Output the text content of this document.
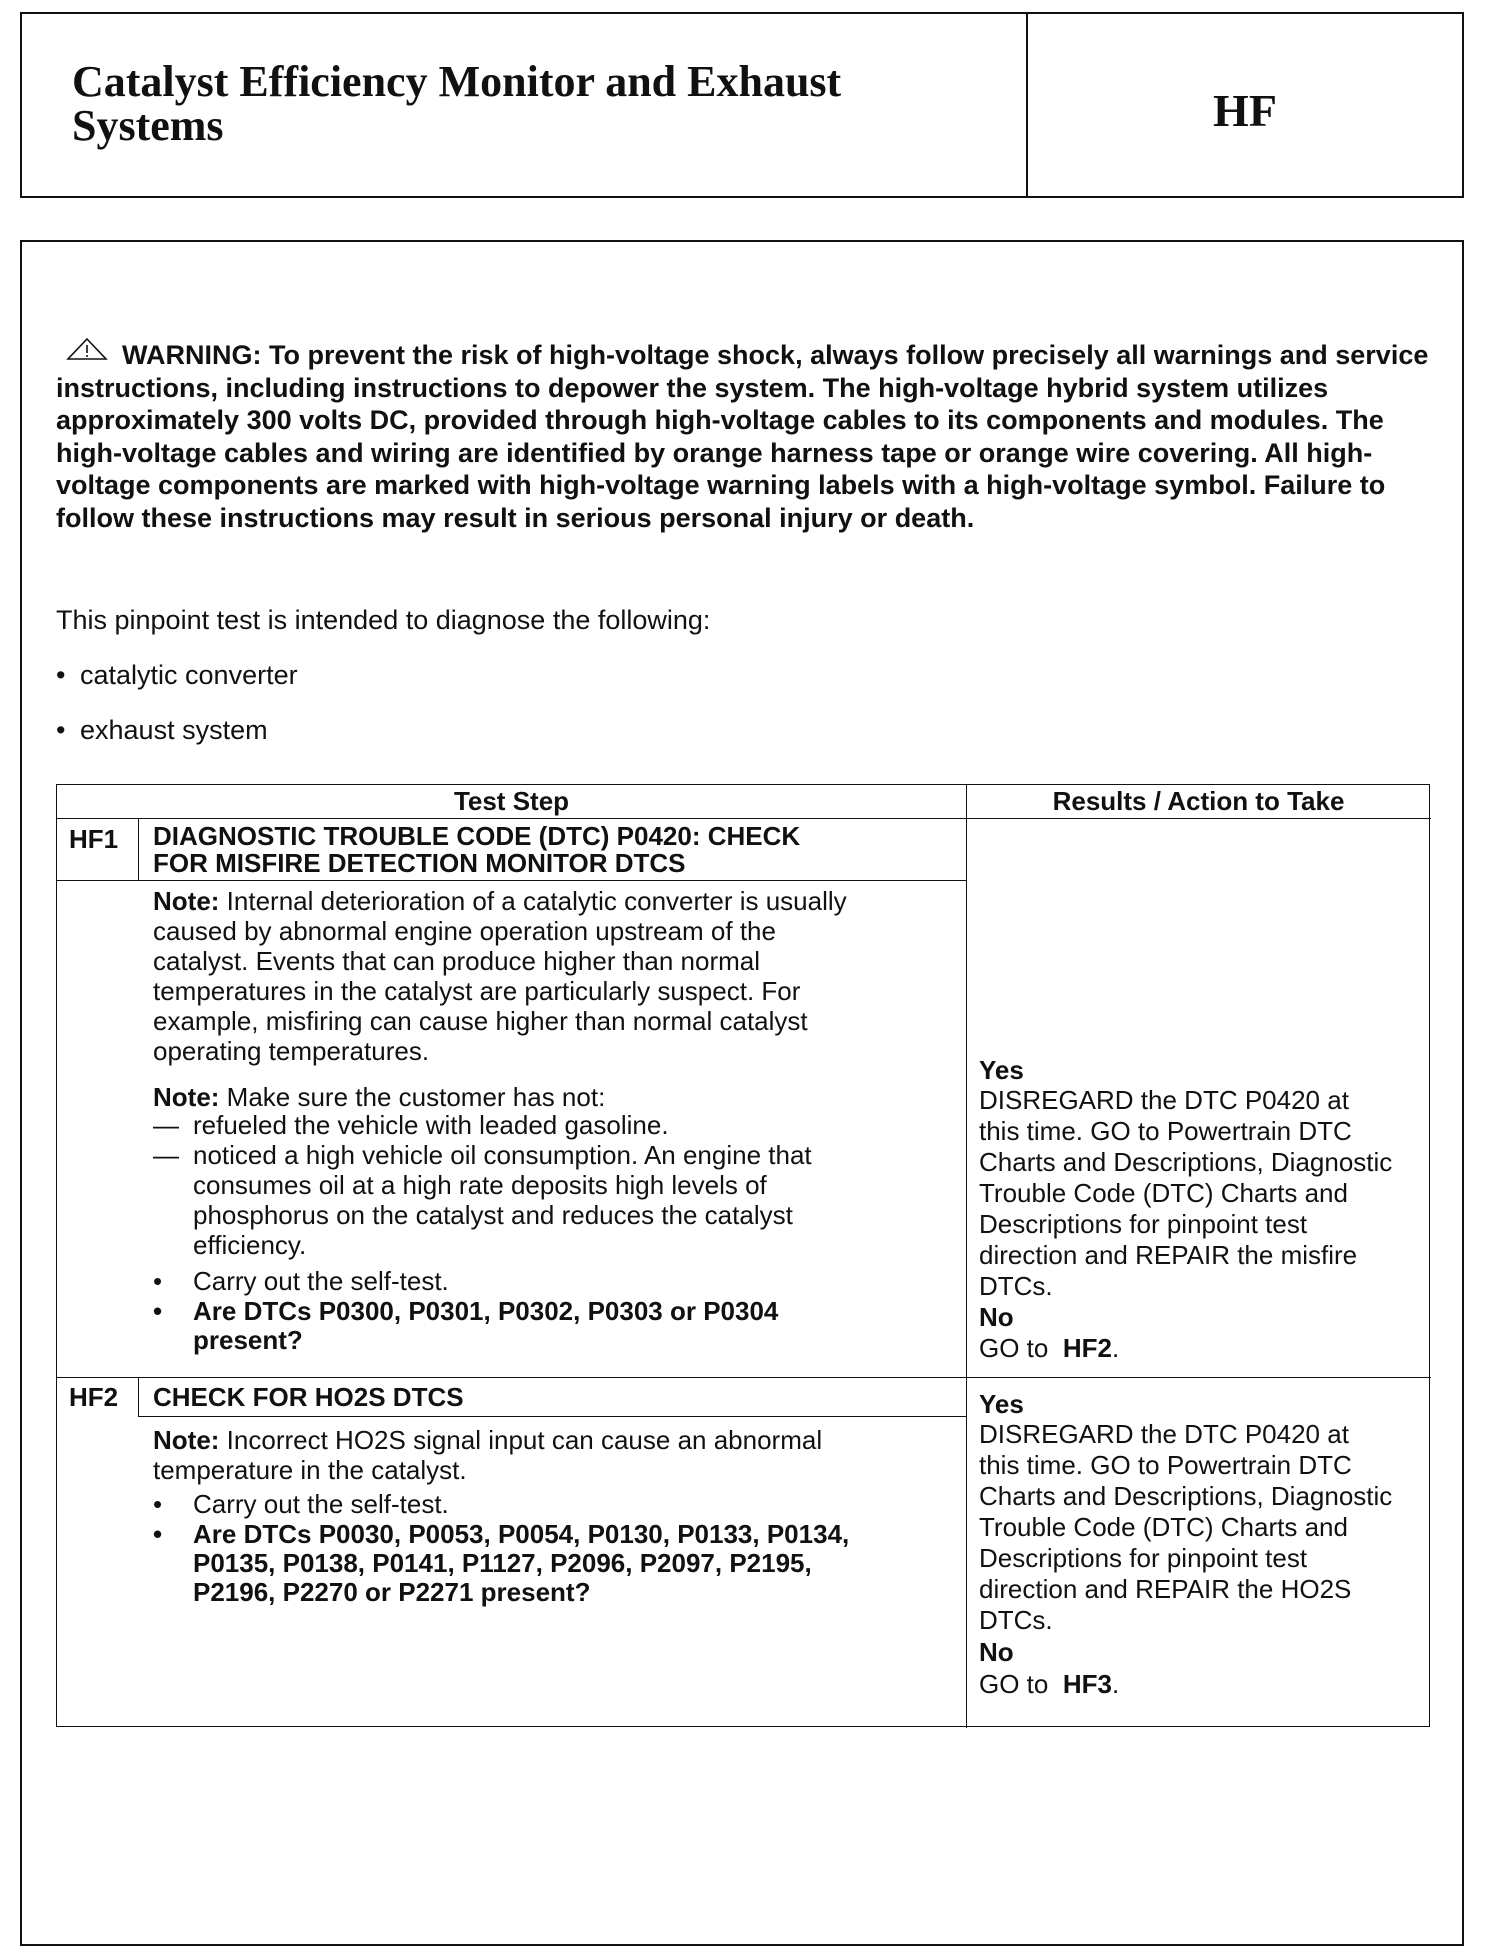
Catalyst Efficiency Monitor and Exhaust
Systems	HF
WARNING: To prevent the risk of high-voltage shock, always follow precisely all warnings and service instructions, including instructions to depower the system. The high-voltage hybrid system utilizes approximately 300 volts DC, provided through high-voltage cables to its components and modules. The high-voltage cables and wiring are identified by orange harness tape or orange wire covering. All high-voltage components are marked with high-voltage warning labels with a high-voltage symbol. Failure to follow these instructions may result in serious personal injury or death.
This pinpoint test is intended to diagnose the following:
• catalytic converter
• exhaust system
Test Step	Results / Action to Take
HF1 DIAGNOSTIC TROUBLE CODE (DTC) P0420: CHECK
FOR MISFIRE DETECTION MONITOR DTCS
Note: Internal deterioration of a catalytic converter is usually
caused by abnormal engine operation upstream of the
catalyst. Events that can produce higher than normal
temperatures in the catalyst are particularly suspect. For
example, misfiring can cause higher than normal catalyst
operating temperatures.
Note: Make sure the customer has not:
— refueled the vehicle with leaded gasoline.
— noticed a high vehicle oil consumption. An engine that
consumes oil at a high rate deposits high levels of
phosphorus on the catalyst and reduces the catalyst
efficiency.
• Carry out the self-test.
• Are DTCs P0300, P0301, P0302, P0303 or P0304
present?
Yes
DISREGARD the DTC P0420 at
this time. GO to Powertrain DTC
Charts and Descriptions, Diagnostic
Trouble Code (DTC) Charts and
Descriptions for pinpoint test
direction and REPAIR the misfire
DTCs.
No
GO to HF2.
HF2 CHECK FOR HO2S DTCS
Note: Incorrect HO2S signal input can cause an abnormal
temperature in the catalyst.
• Carry out the self-test.
• Are DTCs P0030, P0053, P0054, P0130, P0133, P0134,
P0135, P0138, P0141, P1127, P2096, P2097, P2195,
P2196, P2270 or P2271 present?
Yes
DISREGARD the DTC P0420 at
this time. GO to Powertrain DTC
Charts and Descriptions, Diagnostic
Trouble Code (DTC) Charts and
Descriptions for pinpoint test
direction and REPAIR the HO2S
DTCs.
No
GO to HF3.
